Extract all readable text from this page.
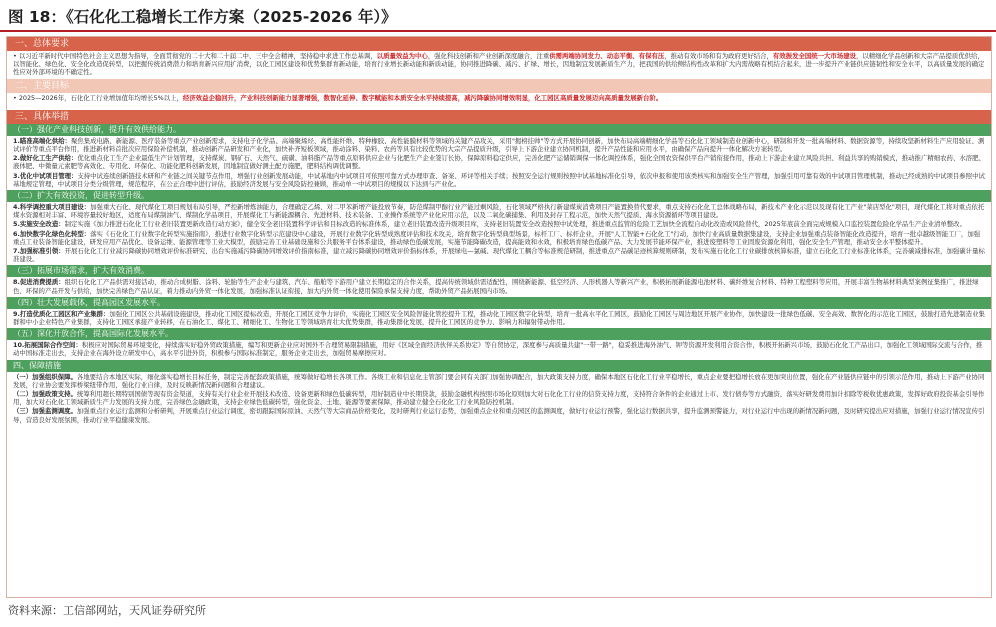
图 18：《石化化工稳增长工作方案（2025-2026 年）》
一、总体要求

• 以习近平新时代中国特色社会主义思想为指导，全面贯彻党的二十大和二十届二中、三中全会精神，坚持稳中求进工作总基调，以质量效益为中心，强化科技创新和产业创新深度融合，注重供需两端协同发力、动态平衡、有保有压，推动有效市场和有为政府更好结合，有效振发全国统一大市场建设，以精细化学品创新和大宗产品提质优供给，以智能化、绿色化、安全化改造促转型，以把握传统消费潜力和培育新兴应用扩消费，以化工园区建设和优势集群育新动能，培育行业增长新动能和新质动能，协同推进降碳、减污、扩绿、增长，因地制宜发展新质生产力，把我国的供给侧结构性改革和扩大内需战略有机结合起来，进一步提升产业链供应链韧性和安全水平，以高质量发展的确定性应对外部环境的不确定性。

二、主要目标

• 2025—2026年，石化化工行业增加值年均增长5%以上，经济效益企稳回升，产业科技创新能力显著增强，数智化延伸、数字赋能和本质安全水平持续提高，减污降碳协同增效明显，化工园区高质量发展迈向高质量发展新台阶。

三、具体举措
（一）强化产业科技创新，提升有效供给能力。

1.瞄准高端化供给：聚焦集成电路、新能源、医疗装备等重点产业创新需求，支持电子化学品、高端聚烯烃、高性能纤维、特种橡胶、高性能膜材料等领域的关键产品攻关，采用"揭榜挂帅"等方式开展协同创新，加快布局高端精细化学品等石化化工领域制造业创新中心，研制和开发一批高端材料、数据资源等，持续攻坚新材料生产应用验证、测试评价等重点平台作用，推进新材料首批次应用保险补偿机制，推动创新产品研发和产业化，加快补齐短板领域，推动涂料、染料、农药等具有比较优势的大宗产品提质升级，引导上下游企业建立协同机制，提升产品性能和应用水平，由确保产品向提升一体化解决方案转型。

2.做好化工生产供给：优化重点化工生产企业最低生产计划管理，支持煤炭、钢矿石、天然气、硫磺、油料脂产品等重点原料供应企业与化肥生产企业签订长协，保障原料稳定供应，完善化肥产运储销调保一体化调控体系，强化全国农资保供平台产销衔接作用，推动上下游企业建立风险共担、利益共享的购销模式，推动推广精细农药、水溶肥、液体肥、中微量元素肥等高效化、专用化、环保化、功能化肥料创新发展，因地制宜做好测土配方施肥，肥料结构调优调整。

3.优化中试项目管理：支持中试连续创新链技术研和产业链之间关键节点作用，增强行业创新发展动能，中试基地内中试项目可依照可靠方式办理审查、备案、环评等相关手续；按照安全运行规则按照中试基地标准化引导，依次申报和使用该类核实和加强安全生产管理，加强引用可靠有效的中试项目管理机制，推动已经成熟的中试项目参照中试基地规定管理，中试项目分类分级管理，规范程序，在公正合理中进行评估，鼓励经济发展与安全风险防控兼顾，推动单一中试项目的规模以下达到与产业化。

（二）扩大有效投资，促进转型升级。

4.科学调控重大项目建设：加强重大石化、现代煤化工项目规划布局引导，严控新增炼油能力，合理确定乙烯、对二甲苯新增产能投放节奏，防范煤制甲醇行业产能过剩风险，石化领域严格执行新建煤炭消费项目产能置换替代要求，重点支持石化化工总体战略布局，新技术产业化示范以及现有化工产业"菜店型化"项目，现代煤化工将对重点依托煤水资源相对丰富、环境容量较好地区，适度布局煤制油气、煤制化学品项目，开展煤化工与新能源耦合、先进材料、技术装备、工业操作系统等产业化应用示范，以及二氧化碳捕集、利用及封存工程示范，加快天然气提质、海水资源循环等项目建设。

5.实施安全改造：制定实施《加力推进石化化工行业老旧装置更新改造行动方案》，健全安全老旧装置科学评估和目标改造的标准体系，建立老旧装置改造升级项目库，支持老旧装置安全改造按照中试处理，推进重点监管的危险工艺加快全流程自动化改造或风险替代，2025年底前全面完成规模入口监控装置危险化学品生产企业清单整改。

6.加快数字化绿色化转型：落实《石化化工行业数字化转型实施指南》，推进行业数字化转型示范建设中心建设，开展行业数字化转型成熟度评估和技术攻关，培育数字化转型典型场景，标杆工厂、标杆企业，开展"人工智能+石化化工"行动，加快行业高质量数据集建设，支持企业加强重点装备智能化改造提升，培育一批卓越级智能工厂，加强重点工业装备智能化建设，研发应用产品优化、设备运维、能源管理等工业大模型，鼓励完善工业基础设施和公共服务平台体系建设，推动绿色低碳发展，实施节能降碳改造，提高能效和水效，积极培育绿色低碳产品、大力发展节能环保产业，推进废塑料等工业固废资源化利用，强化安全生产管理，推动安全水平整体提升。

7.加强标准引领：开展石化化工行业减污降碳协同增效评价标准研究，出台实施减污降碳协同增效评价指南标准，建立减污降碳协同增效评价指标体系，开展绿电—氯碱、现代煤化工耦合等标准规范研制，推进重点产品碳足迹核算规则研制，发布实施石化化工行业碳排放核算标准，建立石化化工行业标准化体系，完善碳减排标准，加强碳计量标准建设。

（三）拓展市场需求，扩大有效消费。

8.促进消费提质：组织石化化工产品供需对接活动，推动合成树脂、涂料、轮胎等生产企业与建筑、汽车、船舶等下游用户建立长期稳定的合作关系，提高传统领域供需适配性，围绕新能源、低空经济、人形机器人等新兴产业，积极拓展新能源电池材料、碳纤维复合材料、特种工程塑料等应用，开展丰富生物基材料典型案例征集推广，推进绿色、环保的产品开发与供给，加快完善绿色产品认证，着力推动内外贸一体化发展，加强标准认证衔接，加大内外贸一体化使用保险承保支持力度，帮助外贸产品拓展国内市场。

（四）壮大发展载体，提高园区发展水平。

9.打造优质化工园区和产业集群：加强化工园区公共基础设施建设，推动化工园区提标改造，开展化工园区竞争力评价，实施化工园区安全风险智能化管控提升工程，推动化工园区数字化转型，培育一批高水平化工园区，鼓励化工园区与周边地区开展产业协作，加快建设一批绿色低碳、安全高效、数智化的示范化工园区，鼓励打造先进制造业集群和中小企业特色产业集群，支持化工园区承接产业转移，在石油化工、煤化工、精细化工、生物化工等领域培育壮大优势集群，推动集群化发展，提升化工园区的竞争力、影响力和辐射带动作用。

（五）深化开放合作，提高国际化发展水平。

10.拓展国际合作空间：积极应对国际贸易环境变化，持续落实好稳外贸政策措施，编写和更新企业应对国外不合理贸易限制措施，用好《区域全面经济伙伴关系协定》等自贸协定，深度参与高质量共建"一带一路"，稳妥推进海外油气、钾等资源开发利用合资合作，积极开拓新兴市场，鼓励石化化工产品出口，加强化工领域国际交流与合作，推动中国标准走出去，支持企业在海外设立研发中心，高水平引进外资，积极参与国际标准制定，服务企业走出去，加强贸易摩擦应对。

四、保障措施

（一）加强组织保障。各地要结合本地区实际，细化落实稳增长目标任务，制定完善配套政策措施，统筹做好稳增长各项工作。各级工业和信息化主管部门要会同有关部门加强协调配合，加大政策支持力度，确保本地区石化化工行业平稳增长，重点企业要把稳增长放在更加突出位置，强化在产业链供应链中的引领示范作用，推动上下游产业协同发展，行业协会要发挥桥梁纽带作用，强化行业自律，及时反映新情况新问题和合理建议。

（二）加强政策支持。统筹利用超长期特别国债等现有资金渠道，支持有关行业企业开展技术改造、设备更新和绿色低碳转型，用好制造业中长期贷款，鼓励金融机构按照市场化原则加大对石化化工行业的信贷支持力度，支持符合条件的企业通过上市、发行债券等方式融资，落实好研发费用加计扣除等税收优惠政策，发挥好政府投资基金引导作用，加大对石化化工领域新质生产力发展的支持力度，完善绿色金融政策，支持企业绿色低碳转型，强化资金、土地、能源等要素保障，推动建立健全石化化工行业风险防控机制。

（三）加强监测调度。加强重点行业运行监测和分析研判，开展重点行业运行调度，密切跟踪国际原油、天然气等大宗商品价格变化，及时研判行业运行态势，加强重点企业和重点园区的监测调度，做好行业运行预警，强化运行数据共享，提升监测预警能力，对行业运行中出现的新情况新问题，及时研究提出应对措施，加强行业运行情况宣传引导，营造良好发展氛围，推动行业平稳健康发展。

资料来源：工信部网站，天风证券研究所
